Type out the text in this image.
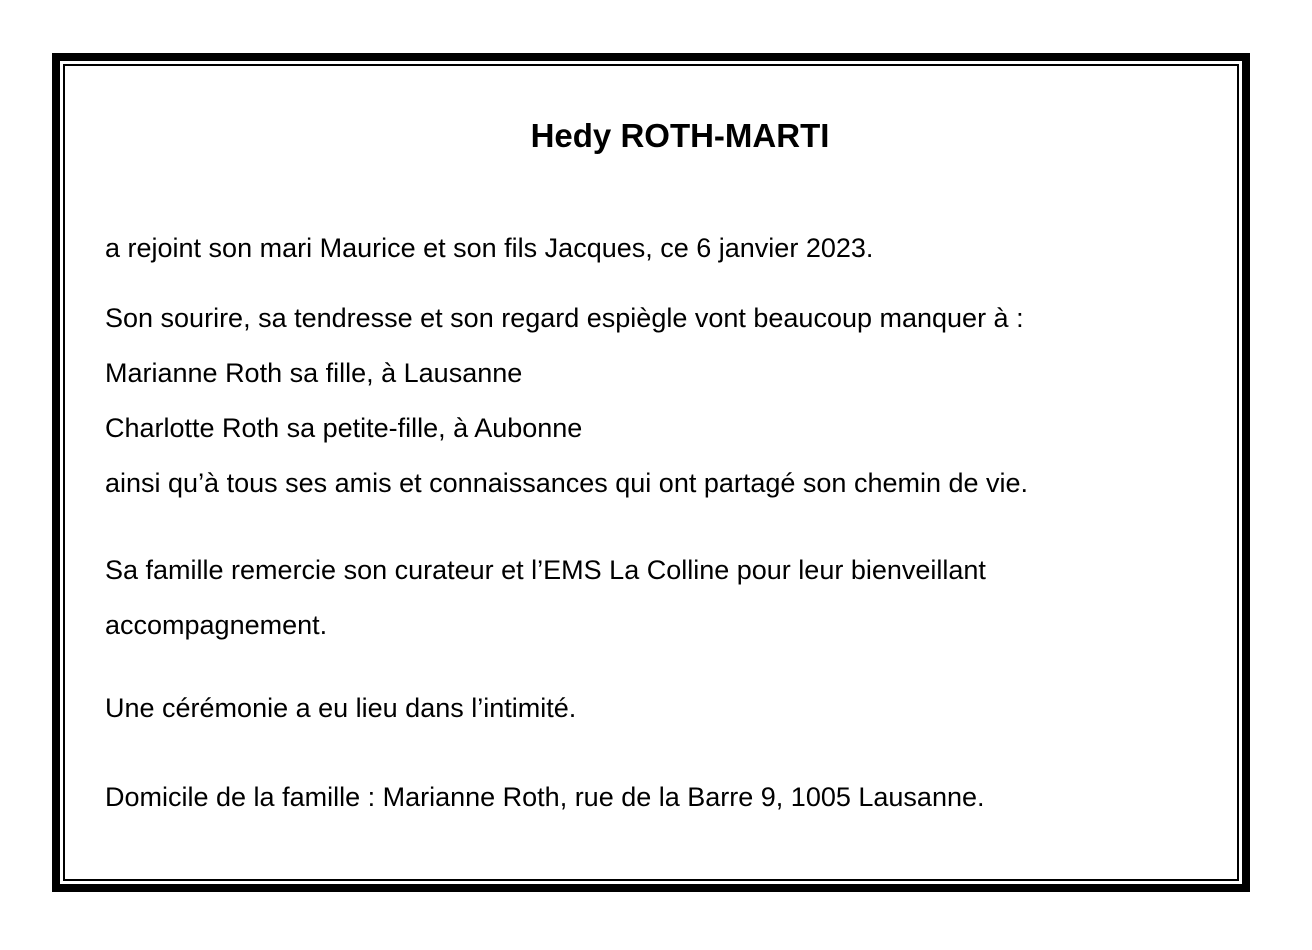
Hedy ROTH-MARTI
a rejoint son mari Maurice et son fils Jacques, ce 6 janvier 2023.
Son sourire, sa tendresse et son regard espiègle vont beaucoup manquer à :
Marianne Roth sa fille, à Lausanne
Charlotte Roth sa petite-fille, à Aubonne
ainsi qu’à tous ses amis et connaissances qui ont partagé son chemin de vie.
Sa famille remercie son curateur et l’EMS La Colline pour leur bienveillant
accompagnement.
Une cérémonie a eu lieu dans l’intimité.
Domicile de la famille : Marianne Roth, rue de la Barre 9, 1005 Lausanne.
